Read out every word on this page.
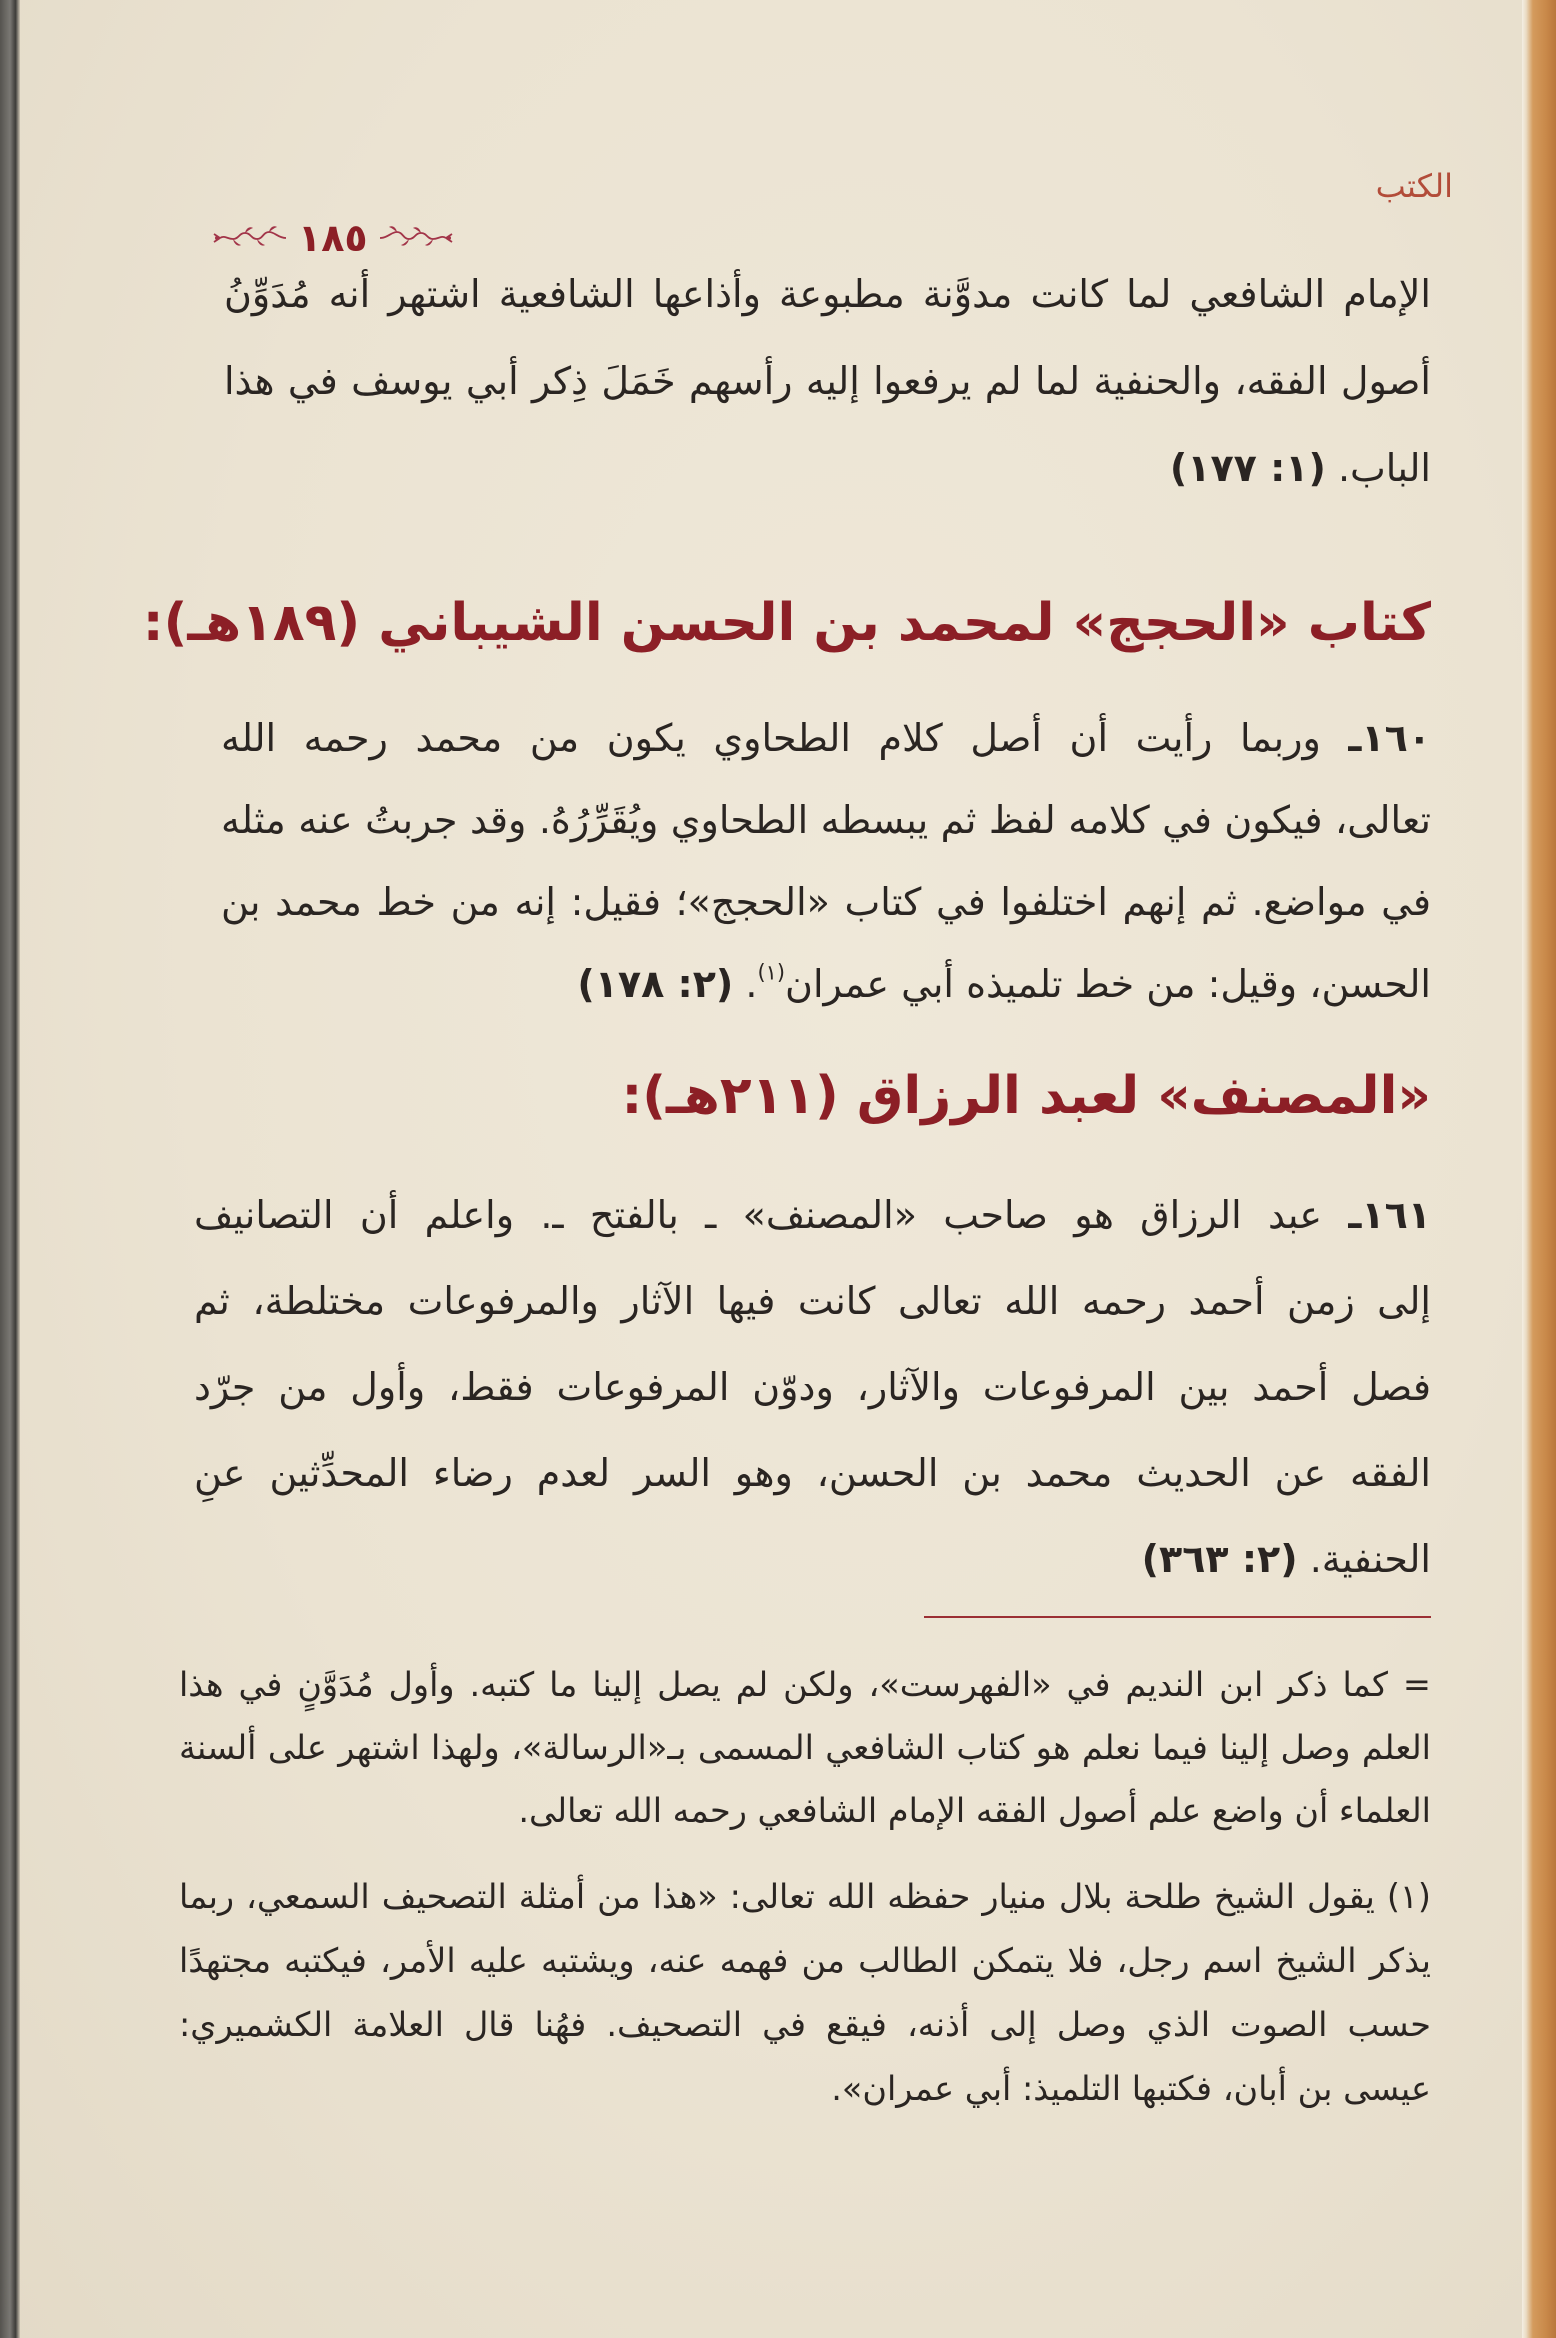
الكتب
١٨٥
الإمام الشافعي لما كانت مدوَّنة مطبوعة وأذاعها الشافعية اشتهر أنه مُدَوِّنُ
أصول الفقه، والحنفية لما لم يرفعوا إليه رأسهم خَمَلَ ذِكر أبي يوسف في هذا
الباب. (١: ١٧٧)
كتاب «الحجج» لمحمد بن الحسن الشيباني (١٨٩هـ):
١٦٠ـ وربما رأيت أن أصل كلام الطحاوي يكون من محمد رحمه الله
تعالى، فيكون في كلامه لفظ ثم يبسطه الطحاوي ويُقَرِّرُهُ. وقد جربتُ عنه مثله
في مواضع. ثم إنهم اختلفوا في كتاب «الحجج»؛ فقيل: إنه من خط محمد بن
الحسن، وقيل: من خط تلميذه أبي عمران$^{(١)}$. (٢: ١٧٨)
«المصنف» لعبد الرزاق (٢١١هـ):
١٦١ـ عبد الرزاق هو صاحب «المصنف» ـ بالفتح ـ. واعلم أن التصانيف
إلى زمن أحمد رحمه الله تعالى كانت فيها الآثار والمرفوعات مختلطة، ثم
فصل أحمد بين المرفوعات والآثار، ودوّن المرفوعات فقط، وأول من جرّد
الفقه عن الحديث محمد بن الحسن، وهو السر لعدم رضاء المحدِّثين عنِ
الحنفية. (٢: ٣٦٣)
= كما ذكر ابن النديم في «الفهرست»، ولكن لم يصل إلينا ما كتبه. وأول مُدَوَّنٍ في هذا
العلم وصل إلينا فيما نعلم هو كتاب الشافعي المسمى بـ«الرسالة»، ولهذا اشتهر على ألسنة
العلماء أن واضع علم أصول الفقه الإمام الشافعي رحمه الله تعالى.
(١) يقول الشيخ طلحة بلال منيار حفظه الله تعالى: «هذا من أمثلة التصحيف السمعي، ربما
يذكر الشيخ اسم رجل، فلا يتمكن الطالب من فهمه عنه، ويشتبه عليه الأمر، فيكتبه مجتهدًا
حسب الصوت الذي وصل إلى أذنه، فيقع في التصحيف. فهُنا قال العلامة الكشميري:
عيسى بن أبان، فكتبها التلميذ: أبي عمران».
